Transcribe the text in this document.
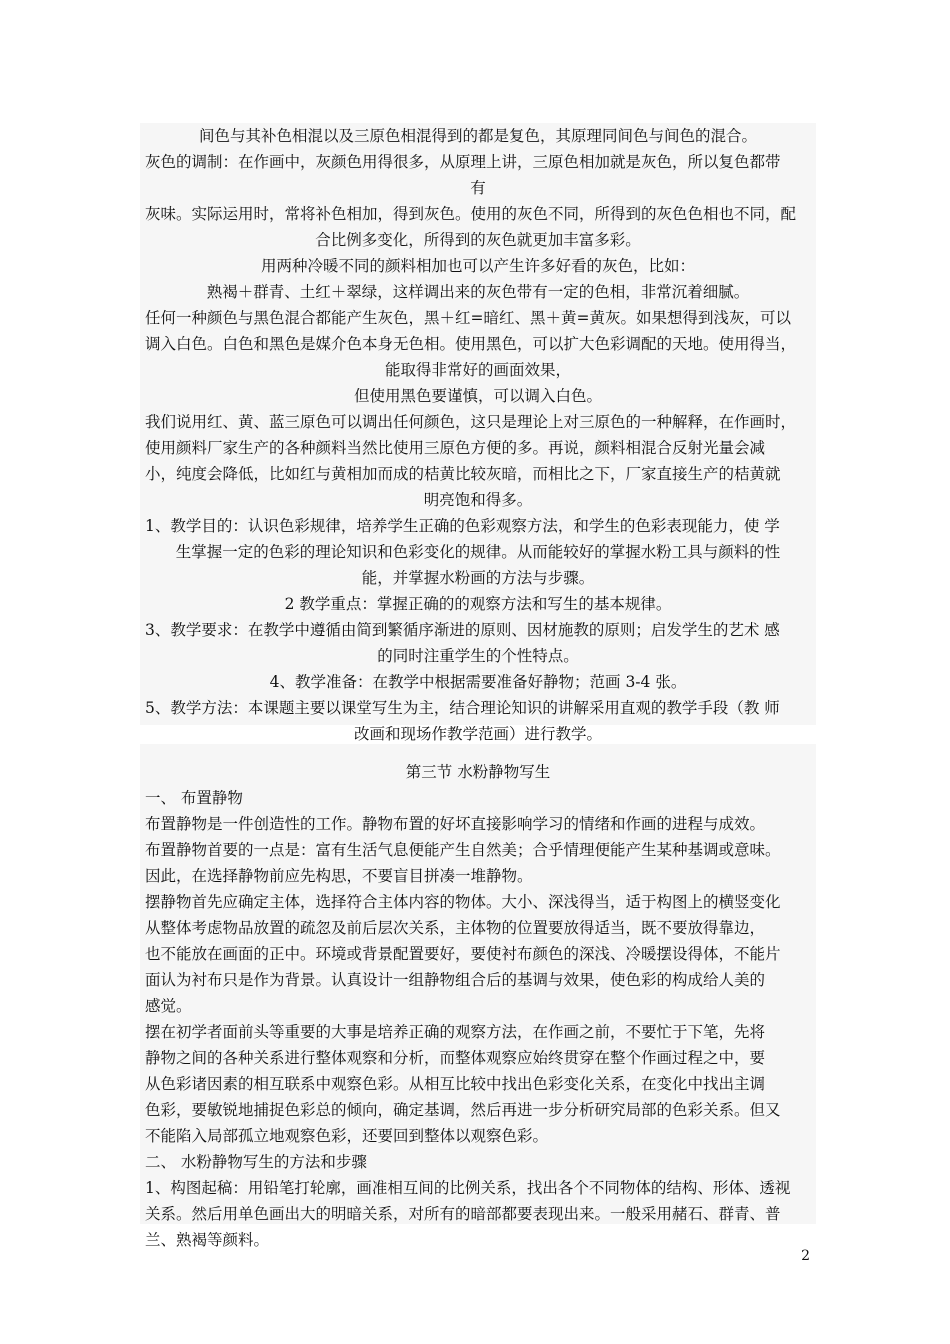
间色与其补色相混以及三原色相混得到的都是复色，其原理同间色与间色的混合。
灰色的调制：在作画中，灰颜色用得很多，从原理上讲，三原色相加就是灰色，所以复色都带
有
灰味。实际运用时，常将补色相加，得到灰色。使用的灰色不同，所得到的灰色色相也不同，配
合比例多变化，所得到的灰色就更加丰富多彩。
用两种冷暖不同的颜料相加也可以产生许多好看的灰色，比如：
熟褐＋群青、土红＋翠绿，这样调出来的灰色带有一定的色相，非常沉着细腻。
任何一种颜色与黑色混合都能产生灰色，黑＋红=暗红、黑＋黄=黄灰。如果想得到浅灰，可以
调入白色。白色和黑色是媒介色本身无色相。使用黑色，可以扩大色彩调配的天地。使用得当，
能取得非常好的画面效果，
但使用黑色要谨慎，可以调入白色。
我们说用红、黄、蓝三原色可以调出任何颜色，这只是理论上对三原色的一种解释，在作画时，
使用颜料厂家生产的各种颜料当然比使用三原色方便的多。再说，颜料相混合反射光量会减
小，纯度会降低，比如红与黄相加而成的桔黄比较灰暗，而相比之下，厂家直接生产的桔黄就
明亮饱和得多。
1、教学目的：认识色彩规律，培养学生正确的色彩观察方法，和学生的色彩表现能力，使 学
生掌握一定的色彩的理论知识和色彩变化的规律。从而能较好的掌握水粉工具与颜料的性
能，并掌握水粉画的方法与步骤。
2 教学重点：掌握正确的的观察方法和写生的基本规律。
3、教学要求：在教学中遵循由简到繁循序渐进的原则、因材施教的原则；启发学生的艺术 感
的同时注重学生的个性特点。
4、教学准备：在教学中根据需要准备好静物；范画 3-4 张。
5、教学方法：本课题主要以课堂写生为主，结合理论知识的讲解采用直观的教学手段（教 师
改画和现场作教学范画）进行教学。
第三节 水粉静物写生
一、 布置静物
布置静物是一件创造性的工作。静物布置的好坏直接影响学习的情绪和作画的进程与成效。
布置静物首要的一点是：富有生活气息便能产生自然美；合乎情理便能产生某种基调或意味。
因此，在选择静物前应先构思，不要盲目拼凑一堆静物。
摆静物首先应确定主体，选择符合主体内容的物体。大小、深浅得当，适于构图上的横竖变化
从整体考虑物品放置的疏忽及前后层次关系，主体物的位置要放得适当，既不要放得靠边，
也不能放在画面的正中。环境或背景配置要好，要使衬布颜色的深浅、冷暖摆设得体，不能片
面认为衬布只是作为背景。认真设计一组静物组合后的基调与效果，使色彩的构成给人美的
感觉。
摆在初学者面前头等重要的大事是培养正确的观察方法，在作画之前，不要忙于下笔，先将
静物之间的各种关系进行整体观察和分析，而整体观察应始终贯穿在整个作画过程之中，要
从色彩诸因素的相互联系中观察色彩。从相互比较中找出色彩变化关系，在变化中找出主调
色彩，要敏锐地捕捉色彩总的倾向，确定基调，然后再进一步分析研究局部的色彩关系。但又
不能陷入局部孤立地观察色彩，还要回到整体以观察色彩。
二、 水粉静物写生的方法和步骤
1、构图起稿：用铅笔打轮廓，画准相互间的比例关系，找出各个不同物体的结构、形体、透视
关系。然后用单色画出大的明暗关系，对所有的暗部都要表现出来。一般采用赭石、群青、普
兰、熟褐等颜料。
2
